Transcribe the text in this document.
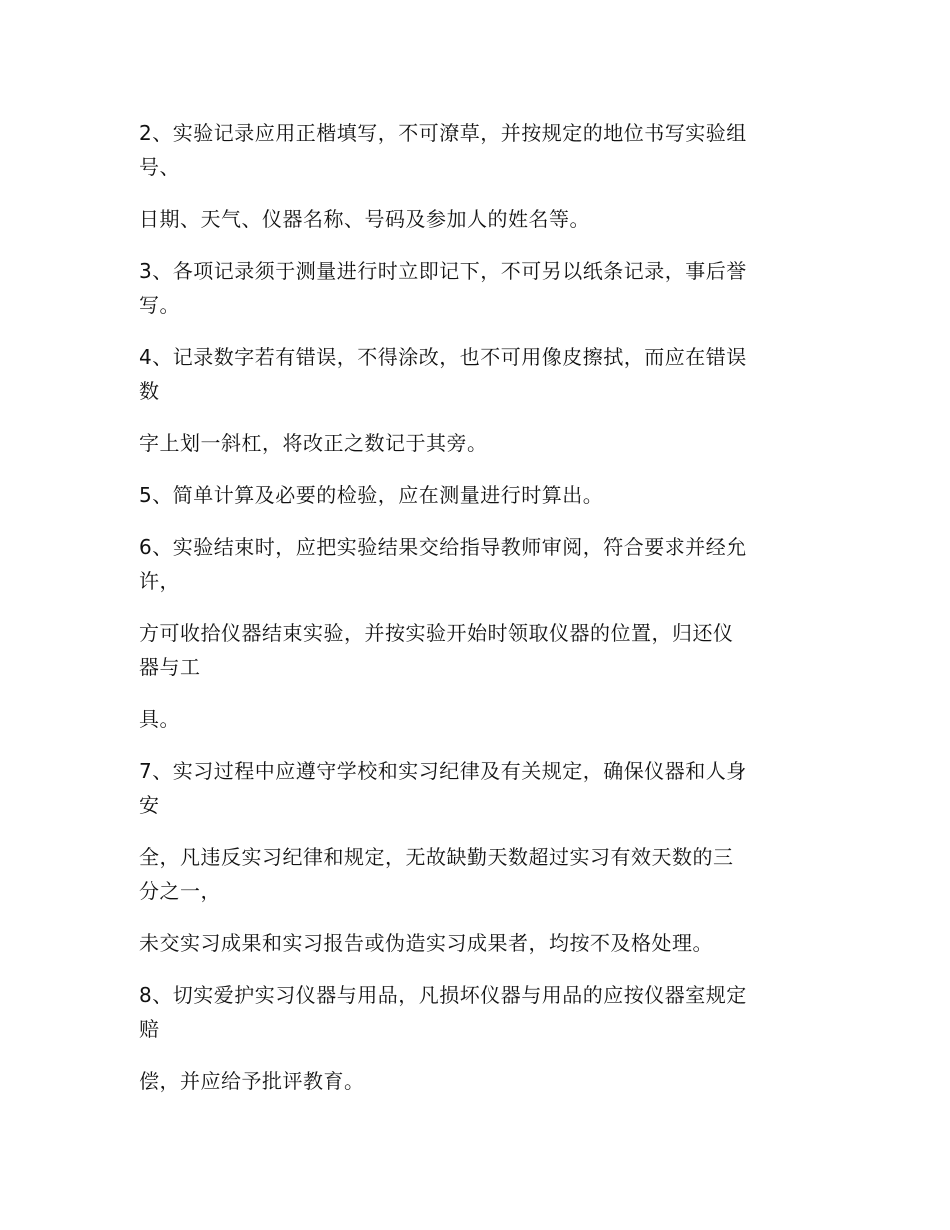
2、实验记录应用正楷填写，不可潦草，并按规定的地位书写实验组
号、

日期、天气、仪器名称、号码及参加人的姓名等。

3、各项记录须于测量进行时立即记下，不可另以纸条记录，事后誉
写。

4、记录数字若有错误，不得涂改，也不可用像皮擦拭，而应在错误
数

字上划一斜杠，将改正之数记于其旁。

5、简单计算及必要的检验，应在测量进行时算出。

6、实验结束时，应把实验结果交给指导教师审阅，符合要求并经允
许，

方可收拾仪器结束实验，并按实验开始时领取仪器的位置，归还仪
器与工

具。

7、实习过程中应遵守学校和实习纪律及有关规定，确保仪器和人身
安

全，凡违反实习纪律和规定，无故缺勤天数超过实习有效天数的三
分之一，

未交实习成果和实习报告或伪造实习成果者，均按不及格处理。

8、切实爱护实习仪器与用品，凡损坏仪器与用品的应按仪器室规定
赔

偿，并应给予批评教育。
